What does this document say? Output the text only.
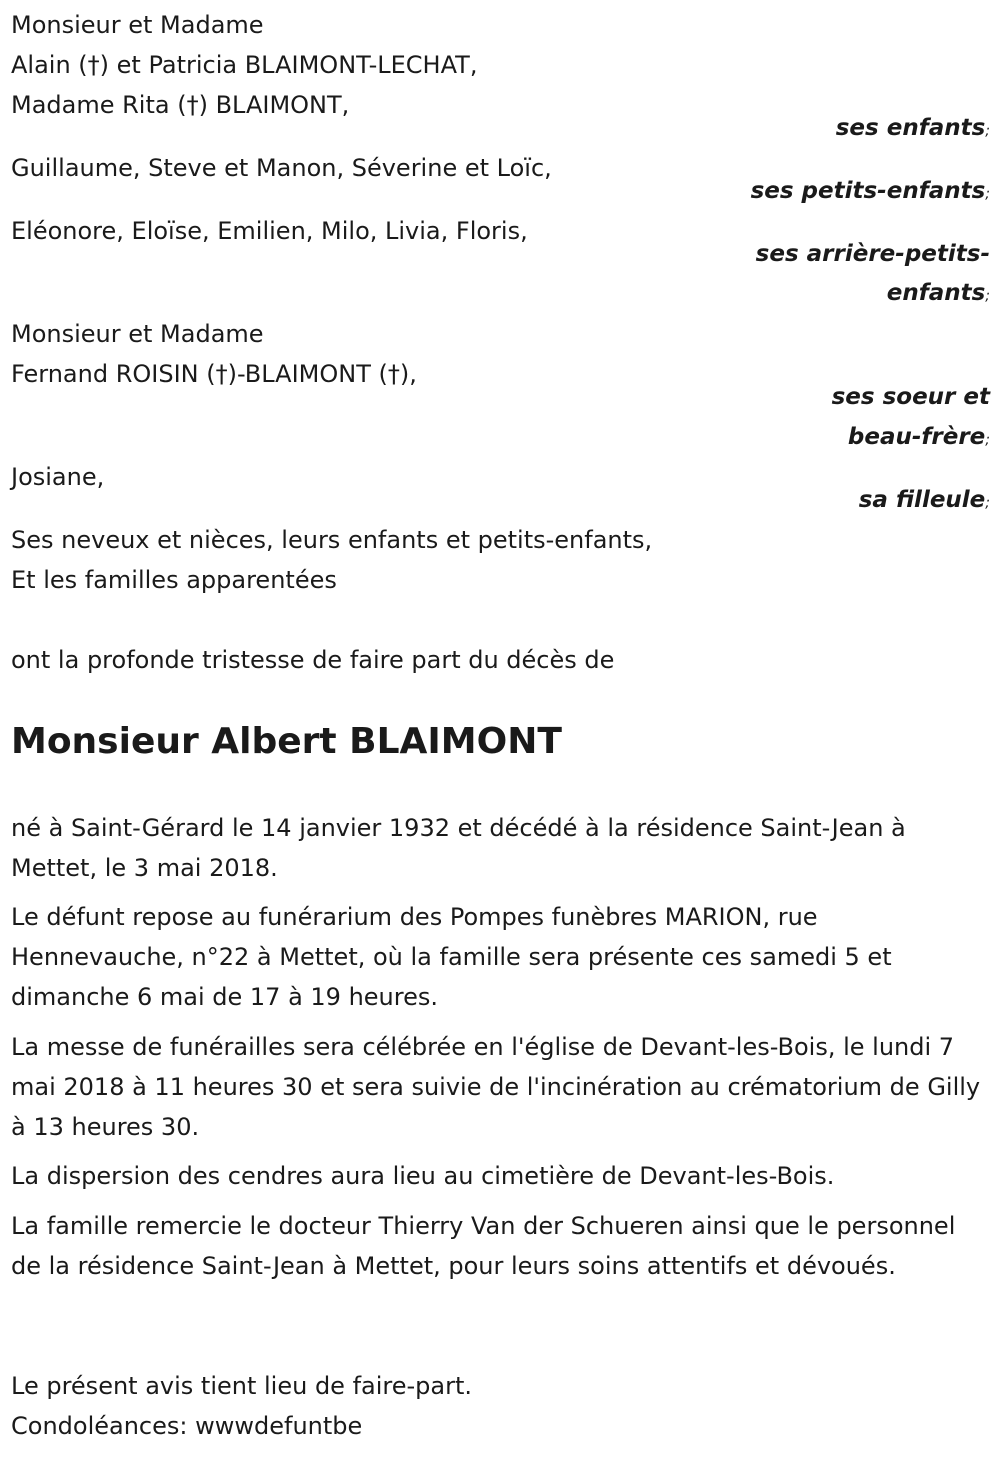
Monsieur et Madame
Alain (†) et Patricia BLAIMONT-LECHAT,
Madame Rita (†) BLAIMONT,
ses enfants;
Guillaume, Steve et Manon, Séverine et Loïc,
ses petits-enfants;
Eléonore, Eloïse, Emilien, Milo, Livia, Floris,
ses arrière-petits-
enfants;
Monsieur et Madame
Fernand ROISIN (†)-BLAIMONT (†),
ses soeur et
beau-frère;
Josiane,
sa filleule;
Ses neveux et nièces, leurs enfants et petits-enfants,
Et les familles apparentées
ont la profonde tristesse de faire part du décès de
Monsieur Albert BLAIMONT
né à Saint-Gérard le 14 janvier 1932 et décédé à la résidence Saint-Jean à Mettet, le 3 mai 2018.
Le défunt repose au funérarium des Pompes funèbres MARION, rue Hennevauche, n°22 à Mettet, où la famille sera présente ces samedi 5 et dimanche 6 mai de 17 à 19 heures.
La messe de funérailles sera célébrée en l'église de Devant-les-Bois, le lundi 7 mai 2018 à 11 heures 30 et sera suivie de l'incinération au crématorium de Gilly à 13 heures 30.
La dispersion des cendres aura lieu au cimetière de Devant-les-Bois.
La famille remercie le docteur Thierry Van der Schueren ainsi que le personnel de la résidence Saint-Jean à Mettet, pour leurs soins attentifs et dévoués.
Le présent avis tient lieu de faire-part.
Condoléances: wwwdefuntbe
